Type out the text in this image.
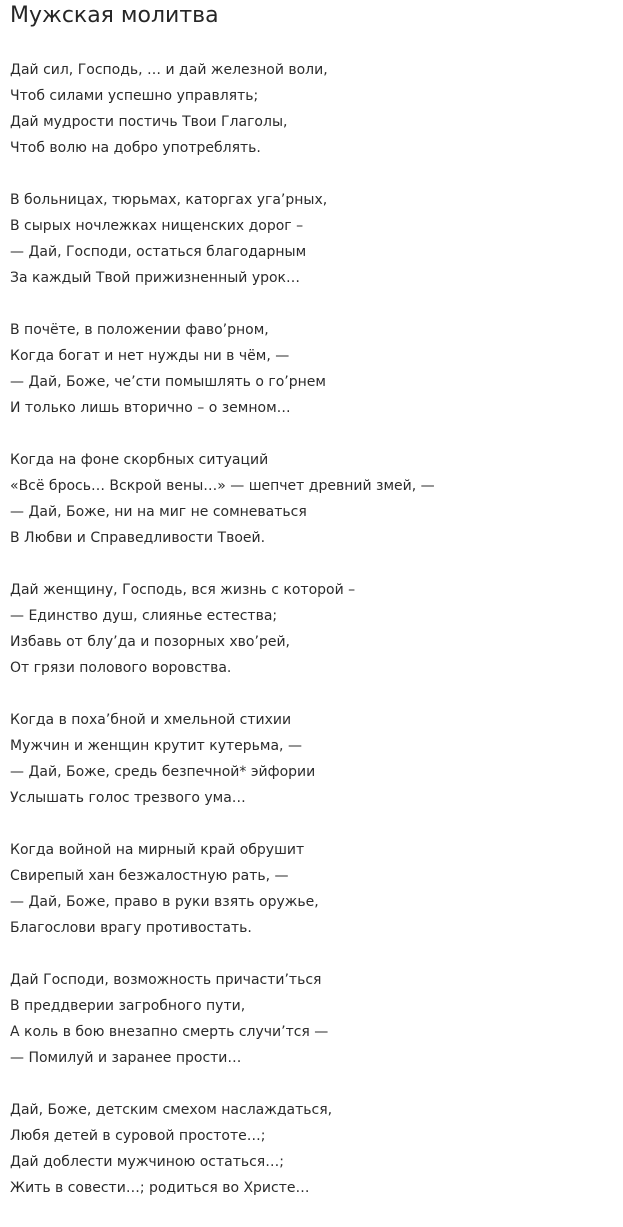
Мужская молитва
Дай сил, Господь, … и дай железной воли,
Чтоб силами успешно управлять;
Дай мудрости постичь Твои Глаголы,
Чтоб волю на добро употреблять.
В больницах, тюрьмах, каторгах уга’рных,
В сырых ночлежках нищенских дорог –
— Дай, Господи, остаться благодарным
За каждый Твой прижизненный урок…
В почёте, в положении фаво’рном,
Когда богат и нет нужды ни в чём, —
— Дай, Боже, че’сти помышлять о го’рнем
И только лишь вторично – о земном…
Когда на фоне скорбных ситуаций
«Всё брось… Вскрой вены…» — шепчет древний змей, —
— Дай, Боже, ни на миг не сомневаться
В Любви и Справедливости Твоей.
Дай женщину, Господь, вся жизнь с которой –
— Единство душ, слиянье естества;
Избавь от блу’да и позорных хво’рей,
От грязи полового воровства.
Когда в поха’бной и хмельной стихии
Мужчин и женщин крутит кутерьма, —
— Дай, Боже, средь безпечной* эйфории
Услышать голос трезвого ума…
Когда войной на мирный край обрушит
Свирепый хан безжалостную рать, —
— Дай, Боже, право в руки взять оружье,
Благослови врагу противостать.
Дай Господи, возможность причасти’ться
В преддверии загробного пути,
А коль в бою внезапно смерть случи’тся —
— Помилуй и заранее прости…
Дай, Боже, детским смехом наслаждаться,
Любя детей в суровой простоте…;
Дай доблести мужчиною остаться…;
Жить в совести…; родиться во Христе…
